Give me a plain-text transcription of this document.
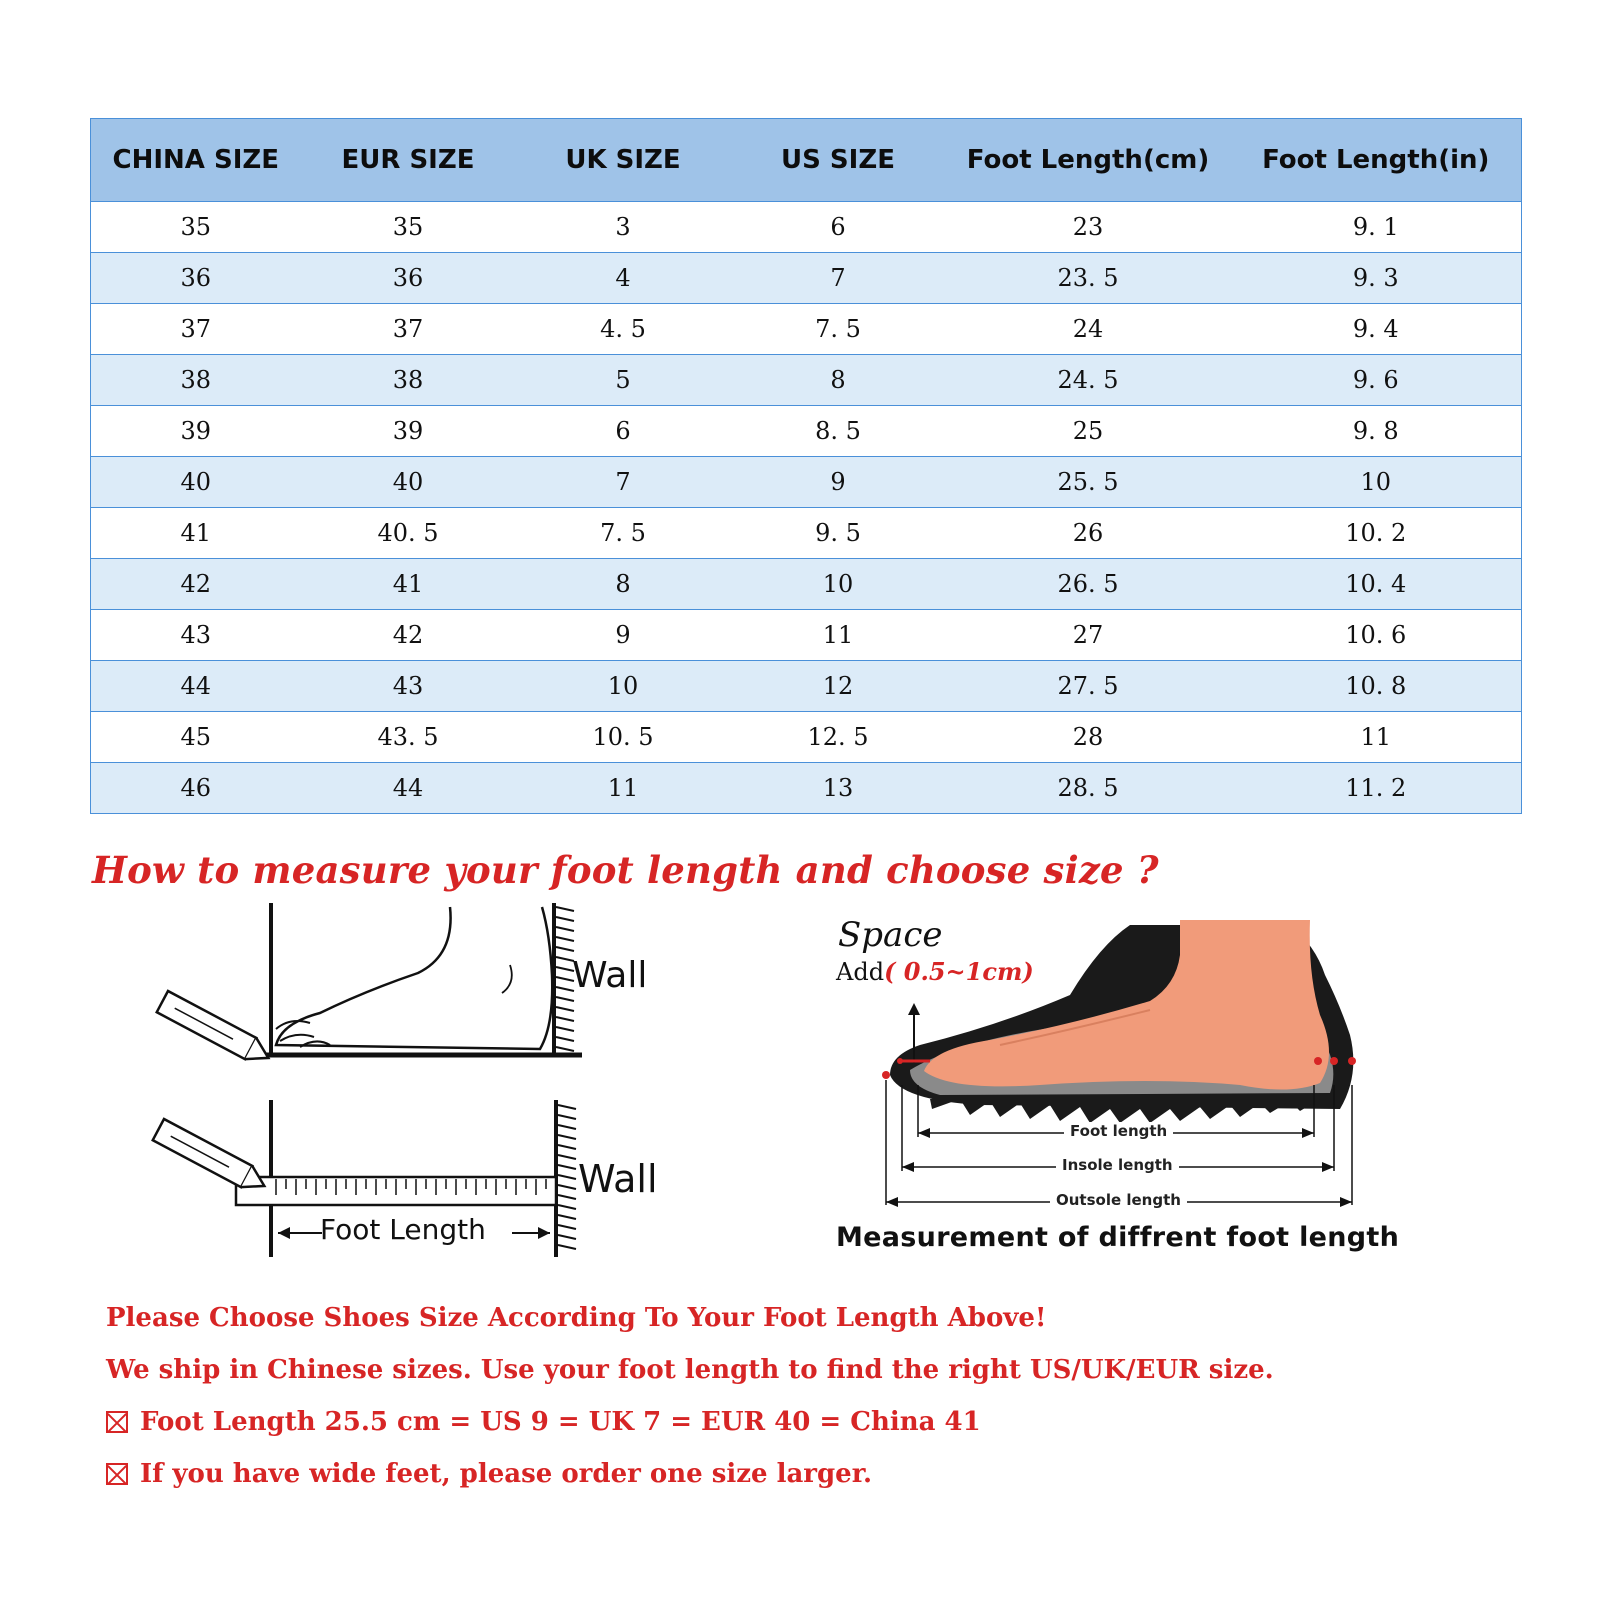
CHINA SIZE	EUR SIZE	UK SIZE	US SIZE	Foot Length(cm)	Foot Length(in)
35	35	3	6	23	9. 1
36	36	4	7	23. 5	9. 3
37	37	4. 5	7. 5	24	9. 4
38	38	5	8	24. 5	9. 6
39	39	6	8. 5	25	9. 8
40	40	7	9	25. 5	10
41	40. 5	7. 5	9. 5	26	10. 2
42	41	8	10	26. 5	10. 4
43	42	9	11	27	10. 6
44	43	10	12	27. 5	10. 8
45	43. 5	10. 5	12. 5	28	11
46	44	11	13	28. 5	11. 2
How to measure your foot length and choose size ?
Wall
Wall
Foot Length
Space
Add( 0.5~1cm)
Foot length
Insole length
Outsole length
Measurement of diffrent foot length
Please Choose Shoes Size According To Your Foot Length Above!
We ship in Chinese sizes. Use your foot length to find the right US/UK/EUR size.
Foot Length 25.5 cm = US 9 = UK 7 = EUR 40 = China 41
If you have wide feet, please order one size larger.
